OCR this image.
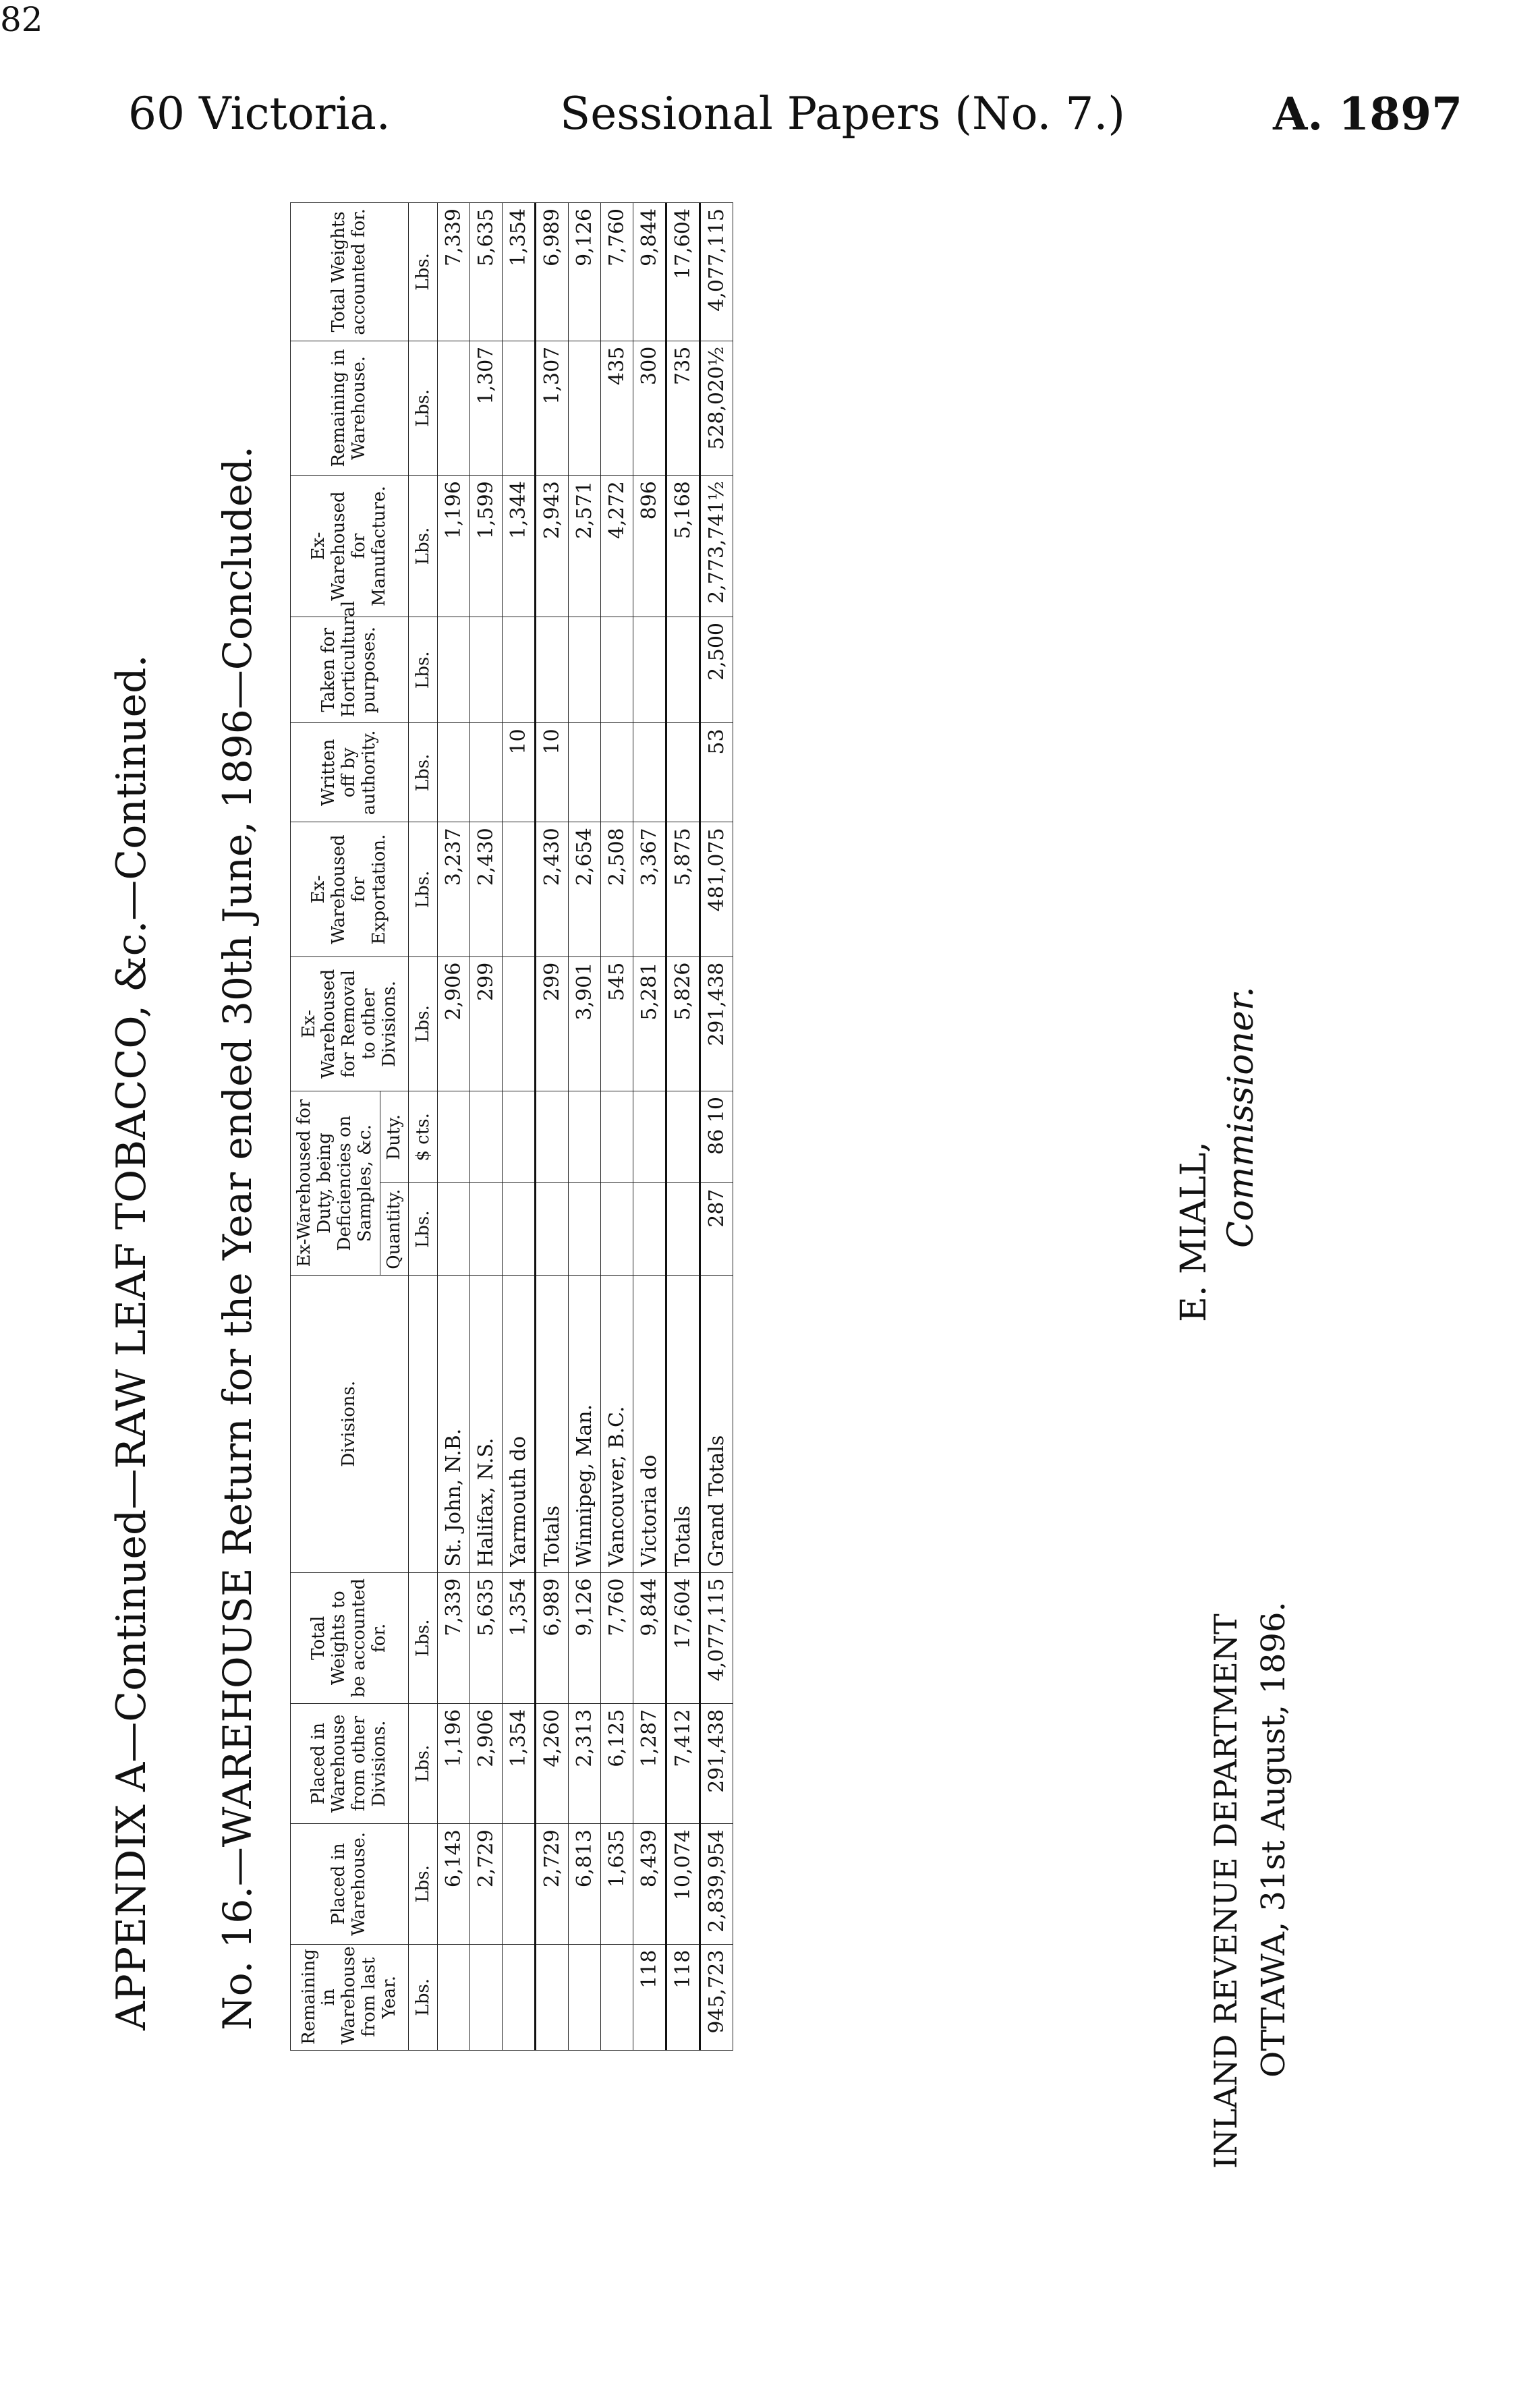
60 Victoria.	Sessional Papers (No. 7.)	A. 1897
APPENDIX A—Continued—RAW LEAF TOBACCO, &c.—Continued. No. 16.—WAREHOUSE Return for the Year ended 30th June, 1896—Concluded. Remaining in Warehouse from last Year.	Placed in Warehouse.	Placed in Warehouse from other Divisions.	Total Weights to be accounted for.	Divisions.	Ex-Warehoused for Duty, being Deficiencies on Samples, &c.		Ex-Warehoused for Removal to other Divisions.	Ex-Warehoused for Exportation.	Written off by authority.	Taken for Horticultural purposes.	Ex-Warehoused for Manufacture.	Remaining in Warehouse.	Total Weights accounted for.
					Quantity.	Duty.							
Lbs.	Lbs.	Lbs.	Lbs.		Lbs.	$ cts.	Lbs.	Lbs.	Lbs.	Lbs.	Lbs.	Lbs.	Lbs.
	6,143	1,196	7,339	St. John, N.B.			2,906	3,237			1,196		7,339
	2,729	2,906	5,635	Halifax, N.S.			299	2,430			1,599	1,307	5,635
		1,354	1,354	Yarmouth do					10		1,344		1,354
	2,729	4,260	6,989	Totals			299	2,430	10		2,943	1,307	6,989
	6,813	2,313	9,126	Winnipeg, Man.			3,901	2,654			2,571		9,126
	1,635	6,125	7,760	Vancouver, B.C.			545	2,508			4,272	435	7,760
118	8,439	1,287	9,844	Victoria do			5,281	3,367			896	300	9,844
118	10,074	7,412	17,604	Totals			5,826	5,875			5,168	735	17,604
945,723	2,839,954	291,438	4,077,115	Grand Totals	287	86 10	291,438	481,075	53	2,500	2,773,741½	528,020½	4,077,115
INLAND REVENUE DEPARTMENT OTTAWA, 31st August, 1896.
E. MIALL, Commissioner.
82
